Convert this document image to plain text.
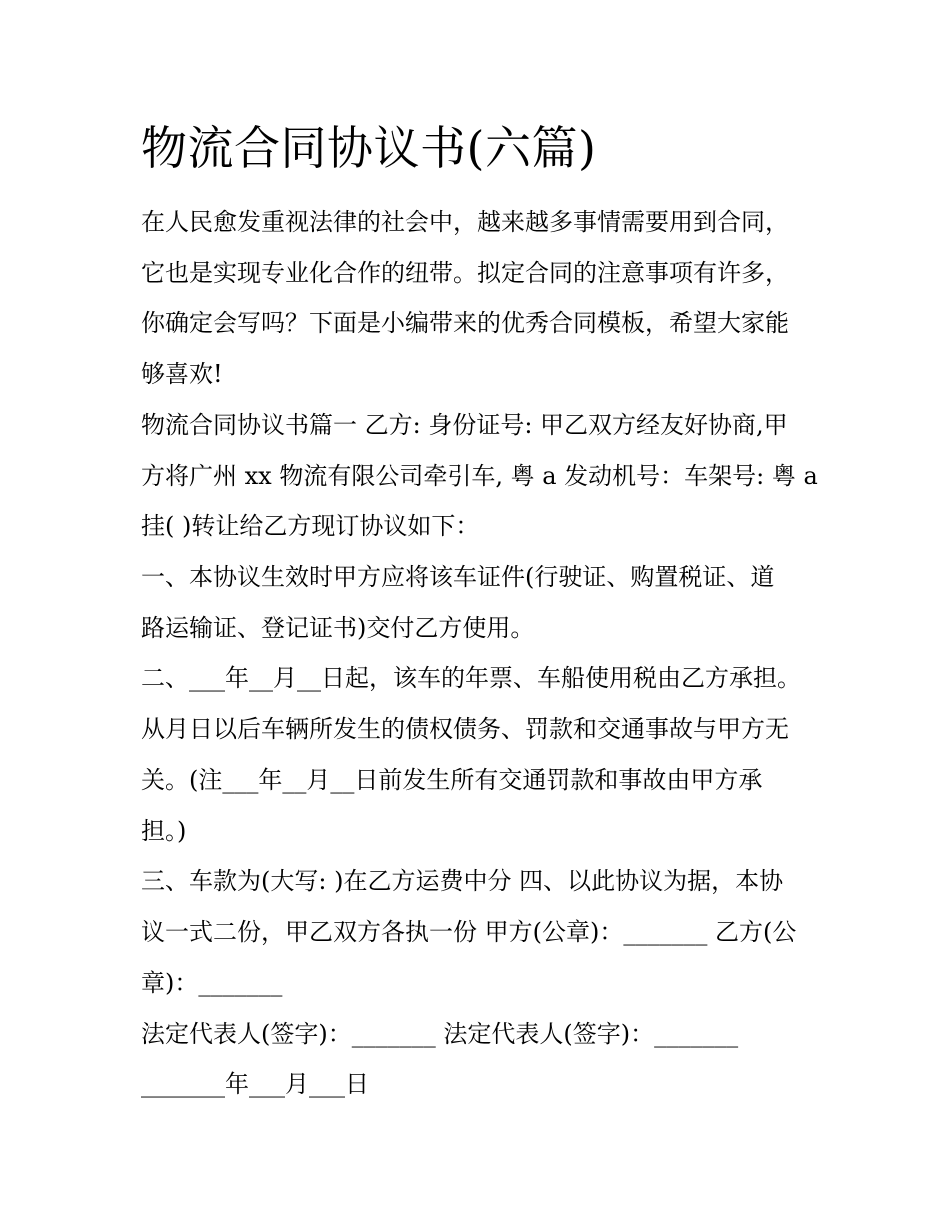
物流合同协议书(六篇)

在人民愈发重视法律的社会中，越来越多事情需要用到合同，

它也是实现专业化合作的纽带。拟定合同的注意事项有许多，

你确定会写吗？下面是小编带来的优秀合同模板，希望大家能

够喜欢!

物流合同协议书篇一 乙方: 身份证号: 甲乙双方经友好协商,甲

方将广州 xx 物流有限公司牵引车, 粤 a 发动机号：车架号: 粤 a

挂( )转让给乙方现订协议如下：

一、本协议生效时甲方应将该车证件(行驶证、购置税证、道

路运输证、登记证书)交付乙方使用。

二、___年__月__日起，该车的年票、车船使用税由乙方承担。

从月日以后车辆所发生的债权债务、罚款和交通事故与甲方无

关。(注___年__月__日前发生所有交通罚款和事故由甲方承

担。)

三、车款为(大写: )在乙方运费中分 四、以此协议为据，本协

议一式二份，甲乙双方各执一份 甲方(公章)：_______ 乙方(公

章)：_______

法定代表人(签字)：_______ 法定代表人(签字)：_______

_______年___月___日
